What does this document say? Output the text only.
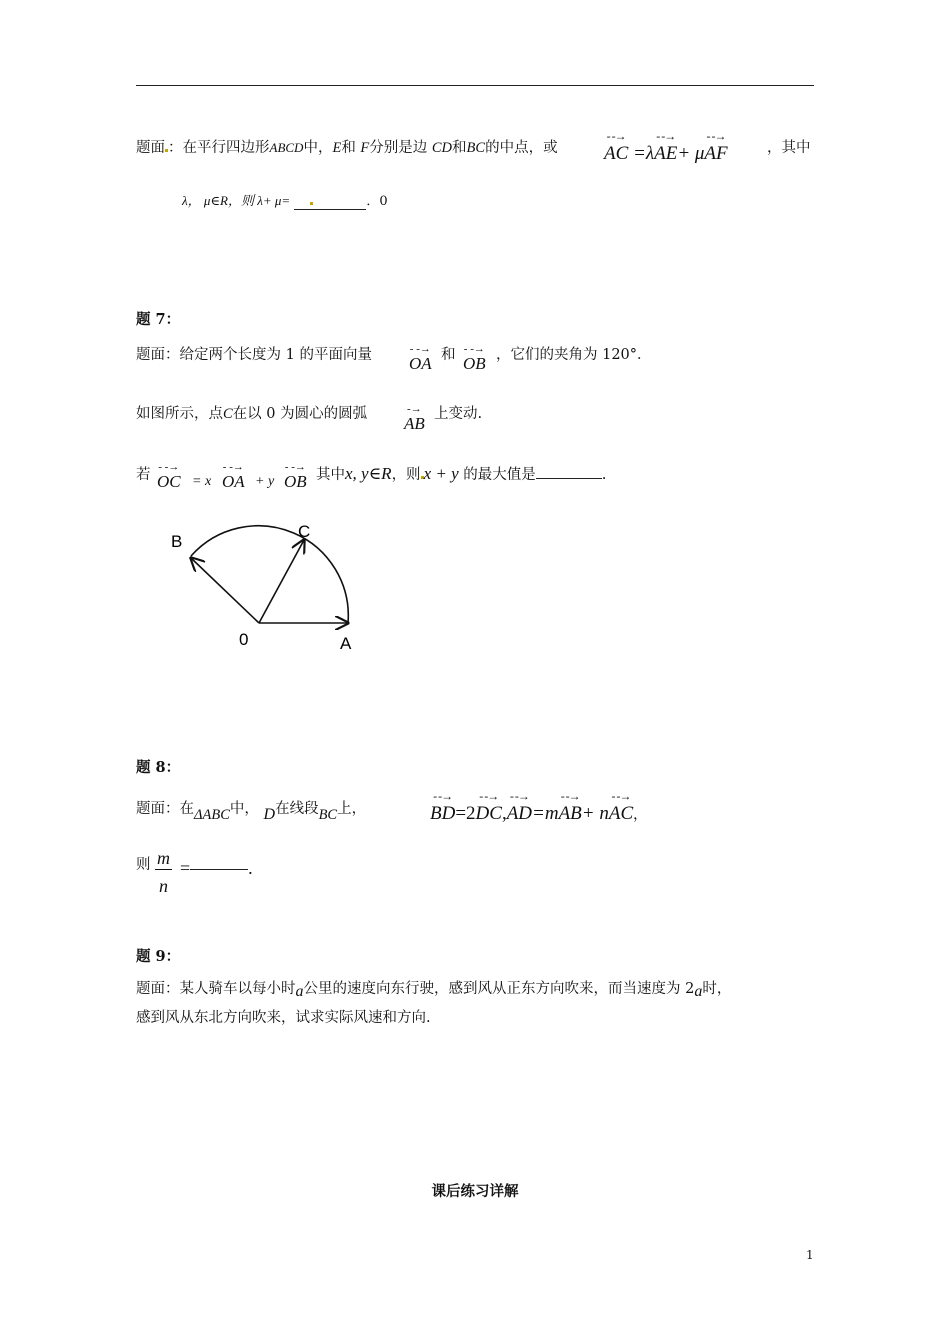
题面 ：在平行四边形ABCD中，E和 F分别是边 CD和BC的中点，或
- -→
AC =λ
- -→
AE+ μ
- -→
AF	，其中
λ， μ∈R，则 λ+ μ=	．0
题 7：
题面：给定两个长度为 1 的平面向量	- -→
OA 和 - -→
OB ，它们的夹角为 120°．
如图所示，点C在以 0 为圆心的圆弧	-→
AB 上变动.
若 - -→
OC = x
- -→
OA + y
- -→
OB 其中x, y∈R，则 x + y 的最大值是	.
B
C
0	A
题 8：
题面：在ΔABC中， D在线段BC上，
- -→
BD=2
- -→
DC,
- -→
AD=m
- -→
AB+ n
- -→
AC，
则 $\frac{m}{n}$ =	.
题 9：
题面：某人骑车以每小时a公里的速度向东行驶，感到风从正东方向吹来，而当速度为 2a时，
感到风从东北方向吹来，试求实际风速和方向.
课后练习详解
1
